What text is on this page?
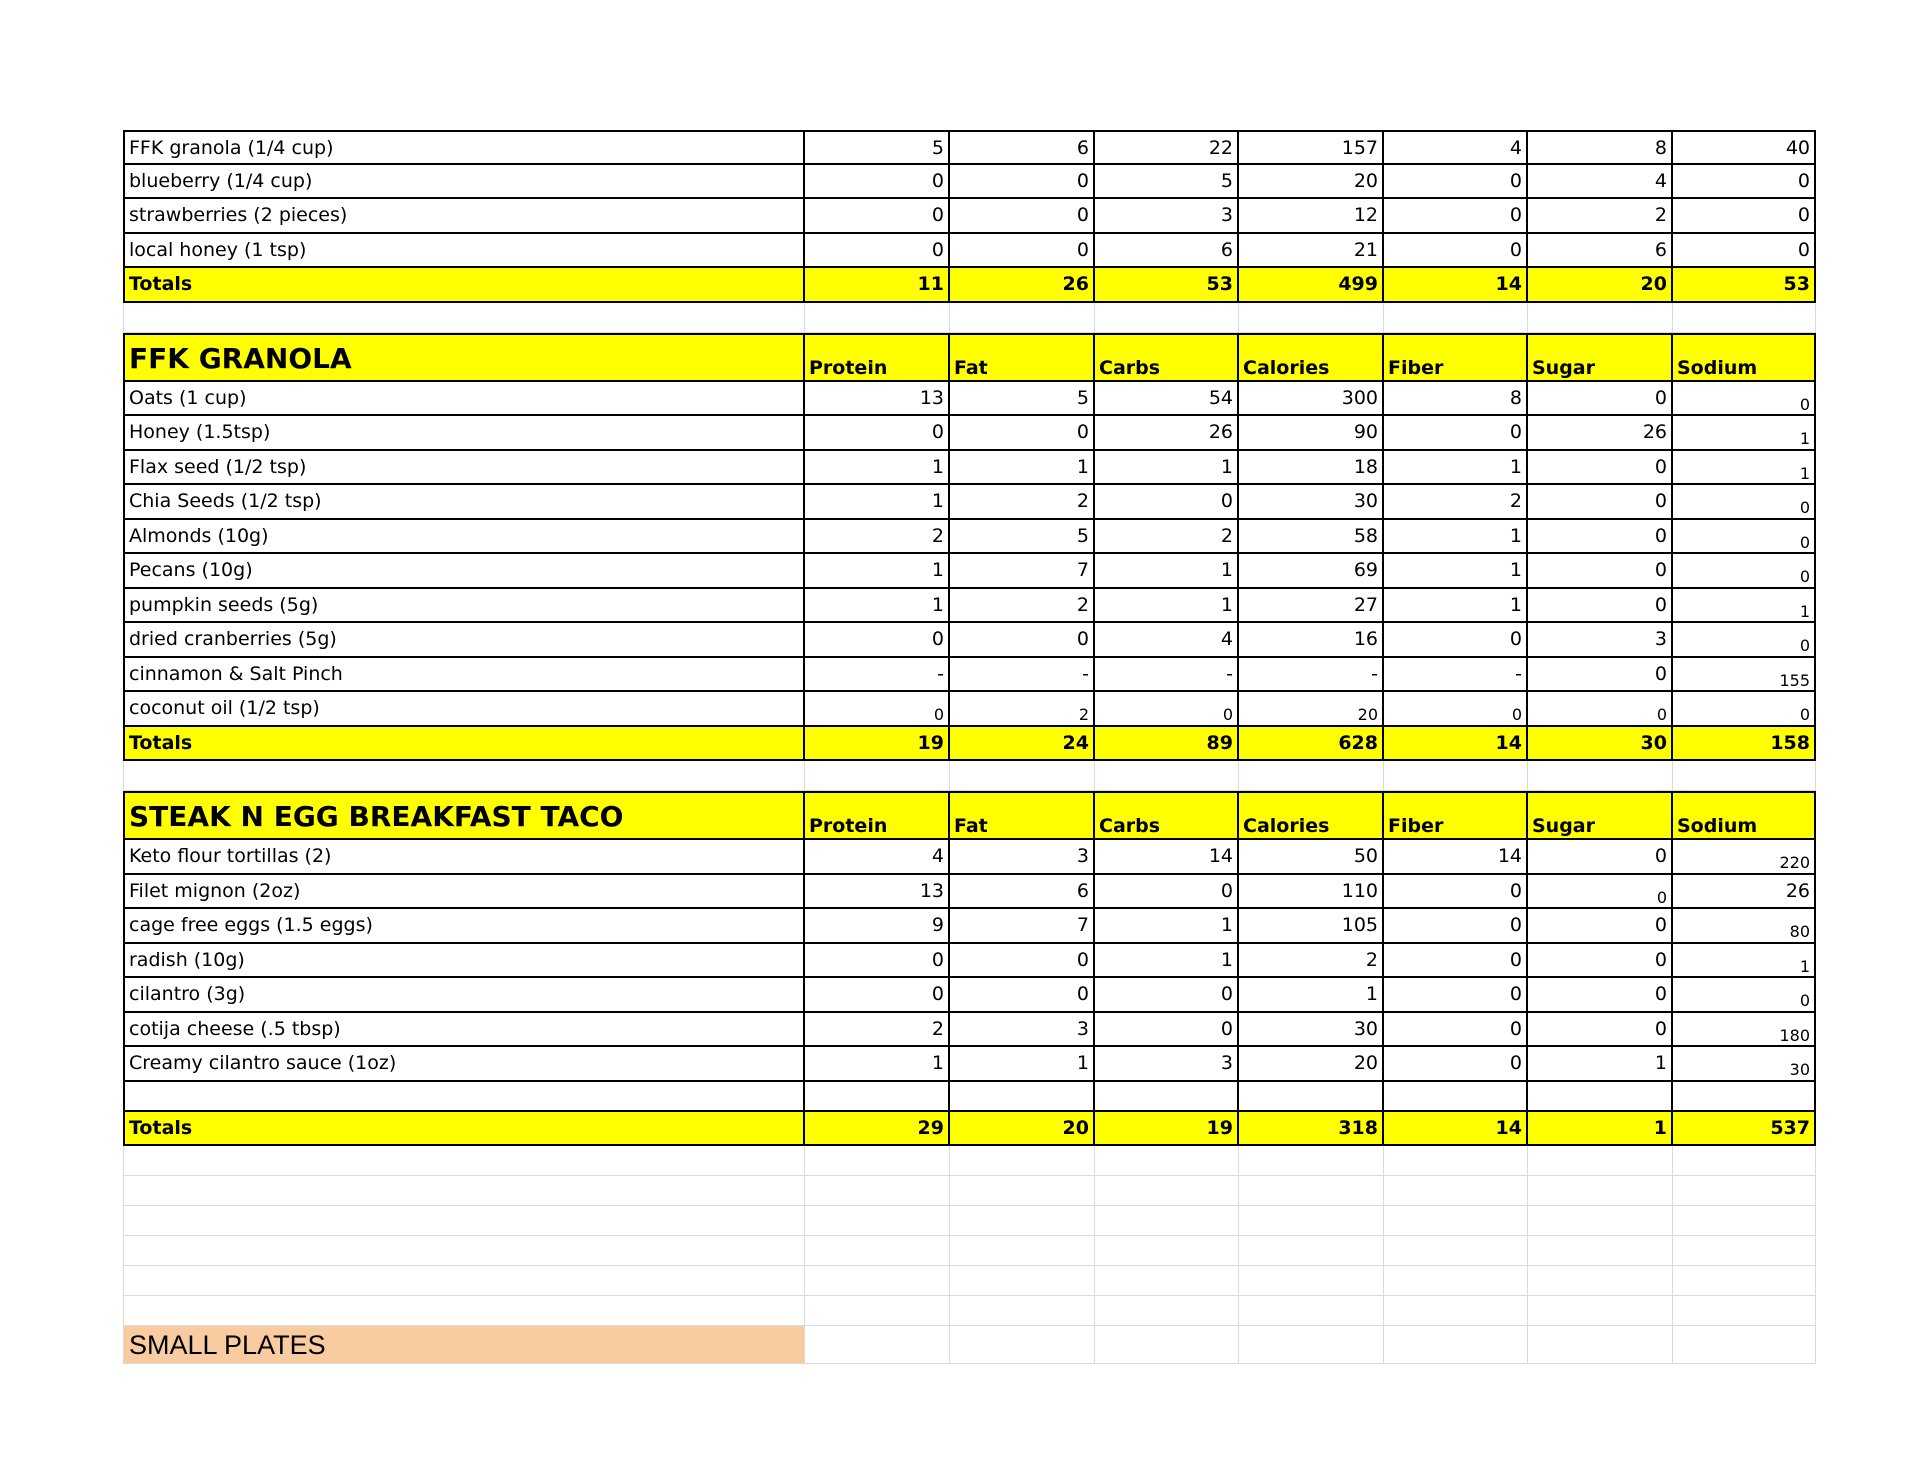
FFK granola (1/4 cup)	5	6	22	157	4	8	40
blueberry (1/4 cup)	0	0	5	20	0	4	0
strawberries (2 pieces)	0	0	3	12	0	2	0
local honey (1 tsp)	0	0	6	21	0	6	0
Totals	11	26	53	499	14	20	53
FFK GRANOLA	Protein	Fat	Carbs	Calories	Fiber	Sugar	Sodium
Oats (1 cup)	13	5	54	300	8	0	0
Honey (1.5tsp)	0	0	26	90	0	26	1
Flax seed (1/2 tsp)	1	1	1	18	1	0	1
Chia Seeds (1/2 tsp)	1	2	0	30	2	0	0
Almonds (10g)	2	5	2	58	1	0	0
Pecans (10g)	1	7	1	69	1	0	0
pumpkin seeds (5g)	1	2	1	27	1	0	1
dried cranberries (5g)	0	0	4	16	0	3	0
cinnamon & Salt Pinch	-	-	-	-	-	0	155
coconut oil (1/2 tsp)	0	2	0	20	0	0	0
Totals	19	24	89	628	14	30	158
STEAK N EGG BREAKFAST TACO	Protein	Fat	Carbs	Calories	Fiber	Sugar	Sodium
Keto flour tortillas (2)	4	3	14	50	14	0	220
Filet mignon (2oz)	13	6	0	110	0	0	26
cage free eggs (1.5 eggs)	9	7	1	105	0	0	80
radish (10g)	0	0	1	2	0	0	1
cilantro (3g)	0	0	0	1	0	0	0
cotija cheese (.5 tbsp)	2	3	0	30	0	0	180
Creamy cilantro sauce (1oz)	1	1	3	20	0	1	30
Totals	29	20	19	318	14	1	537
SMALL PLATES
